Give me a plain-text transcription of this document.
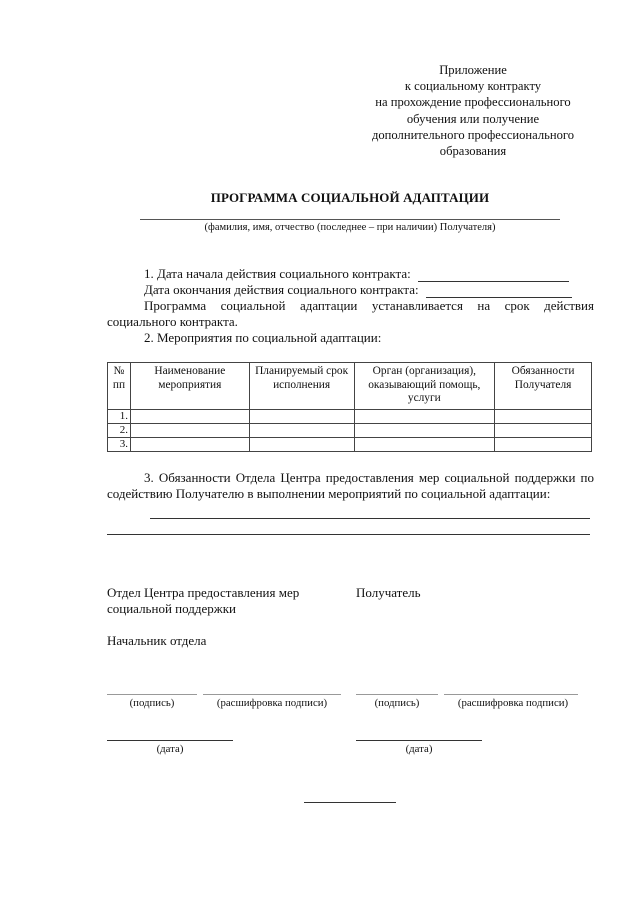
Приложение
к социальному контракту
на прохождение профессионального
обучения или получение
дополнительного профессионального
образования
ПРОГРАММА СОЦИАЛЬНОЙ АДАПТАЦИИ
(фамилия, имя, отчество (последнее – при наличии) Получателя)
1. Дата начала действия социального контракта:
Дата окончания действия социального контракта:
Программа социальной адаптации устанавливается на срок действия социального контракта.
2. Мероприятия по социальной адаптации:
№ пп	Наименование мероприятия	Планируемый срок исполнения	Орган (организация), оказывающий помощь, услуги	Обязанности Получателя
1.				
2.				
3.				
3. Обязанности Отдела Центра предоставления мер социальной поддержки по содействию Получателю в выполнении мероприятий по социальной адаптации:
Отдел Центра предоставления мер социальной поддержки
Получатель
Начальник отдела
(подпись)	(расшифровка подписи)	(подпись)	(расшифровка подписи)
(дата)	(дата)
